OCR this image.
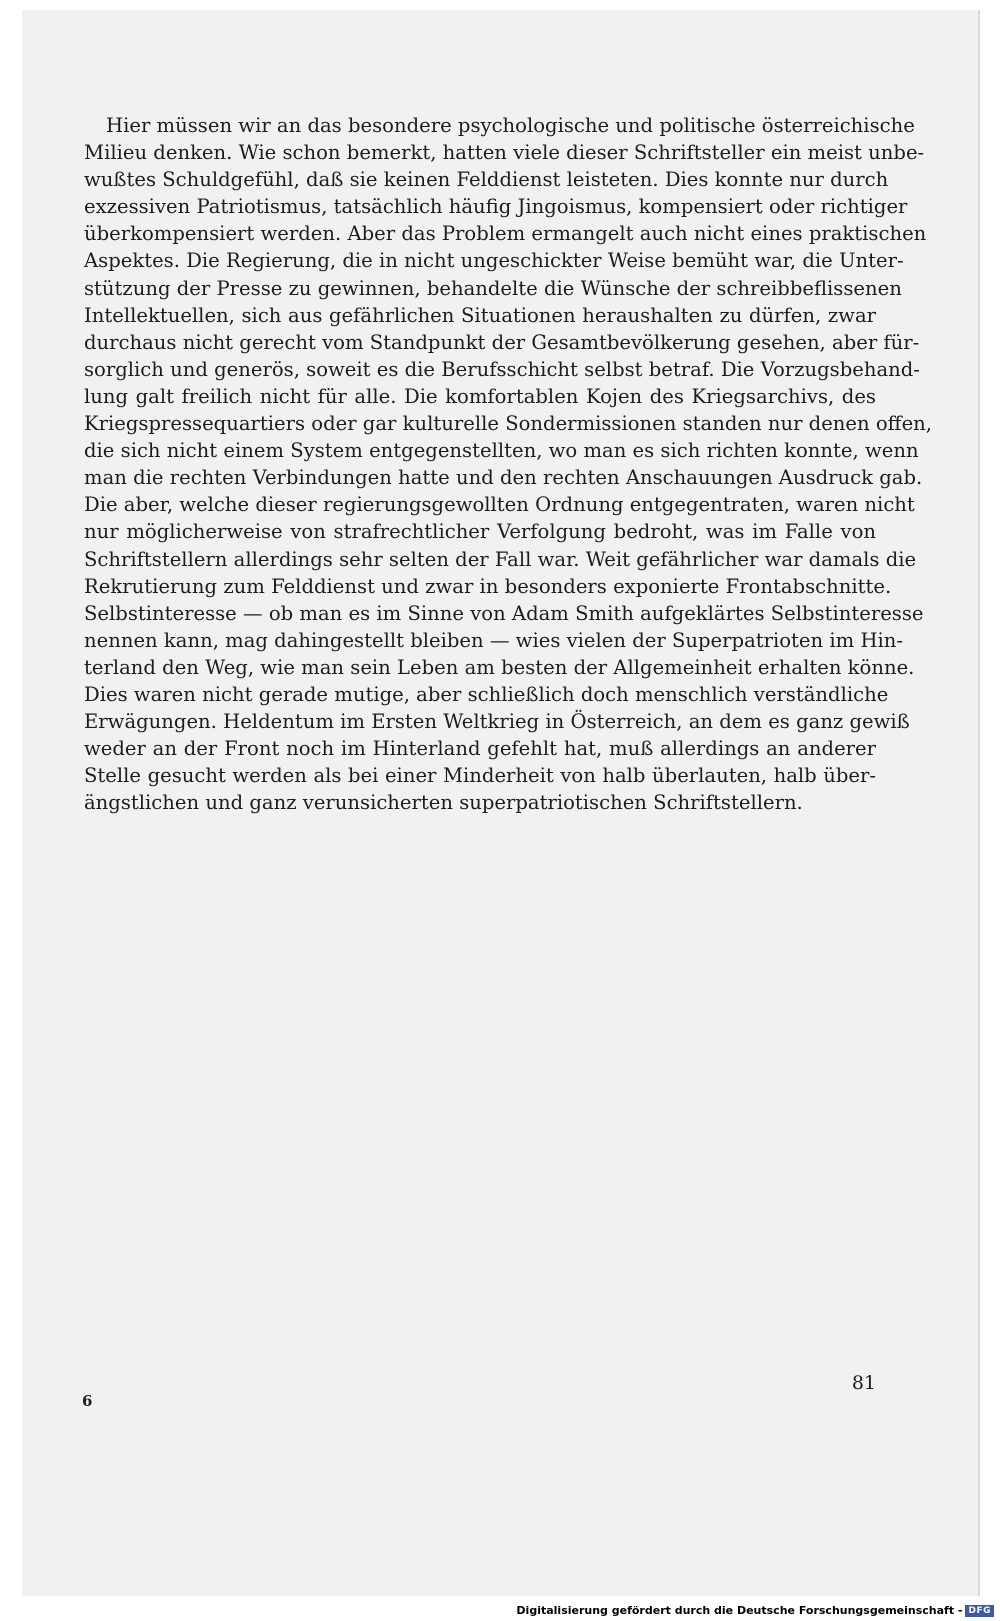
Hier müssen wir an das besondere psychologische und politische österreichische
Milieu denken. Wie schon bemerkt, hatten viele dieser Schriftsteller ein meist unbe-
wußtes Schuldgefühl, daß sie keinen Felddienst leisteten. Dies konnte nur durch
exzessiven Patriotismus, tatsächlich häufig Jingoismus, kompensiert oder richtiger
überkompensiert werden. Aber das Problem ermangelt auch nicht eines praktischen
Aspektes. Die Regierung, die in nicht ungeschickter Weise bemüht war, die Unter-
stützung der Presse zu gewinnen, behandelte die Wünsche der schreibbeflissenen
Intellektuellen, sich aus gefährlichen Situationen heraushalten zu dürfen, zwar
durchaus nicht gerecht vom Standpunkt der Gesamtbevölkerung gesehen, aber für-
sorglich und generös, soweit es die Berufsschicht selbst betraf. Die Vorzugsbehand-
lung galt freilich nicht für alle. Die komfortablen Kojen des Kriegsarchivs, des
Kriegspressequartiers oder gar kulturelle Sondermissionen standen nur denen offen,
die sich nicht einem System entgegenstellten, wo man es sich richten konnte, wenn
man die rechten Verbindungen hatte und den rechten Anschauungen Ausdruck gab.
Die aber, welche dieser regierungsgewollten Ordnung entgegentraten, waren nicht
nur möglicherweise von strafrechtlicher Verfolgung bedroht, was im Falle von
Schriftstellern allerdings sehr selten der Fall war. Weit gefährlicher war damals die
Rekrutierung zum Felddienst und zwar in besonders exponierte Frontabschnitte.
Selbstinteresse — ob man es im Sinne von Adam Smith aufgeklärtes Selbstinteresse
nennen kann, mag dahingestellt bleiben — wies vielen der Superpatrioten im Hin-
terland den Weg, wie man sein Leben am besten der Allgemeinheit erhalten könne.
Dies waren nicht gerade mutige, aber schließlich doch menschlich verständliche
Erwägungen. Heldentum im Ersten Weltkrieg in Österreich, an dem es ganz gewiß
weder an der Front noch im Hinterland gefehlt hat, muß allerdings an anderer
Stelle gesucht werden als bei einer Minderheit von halb überlauten, halb über-
ängstlichen und ganz verunsicherten superpatriotischen Schriftstellern.
81
6
Digitalisierung gefördert durch die Deutsche Forschungsgemeinschaft - DFG
